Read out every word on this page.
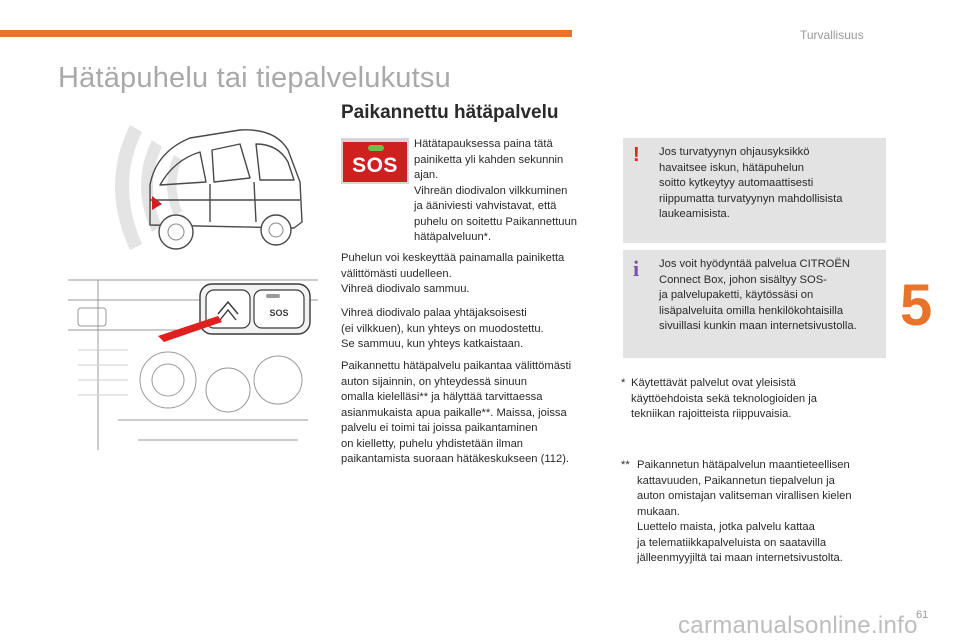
Turvallisuus
Hätäpuhelu tai tiepalvelukutsu
SOS
Paikannettu hätäpalvelu
SOS
Hätätapauksessa paina tätä
painiketta yli kahden sekunnin
ajan.
Vihreän diodivalon vilkkuminen
ja ääniviesti vahvistavat, että
puhelu on soitettu Paikannettuun
hätäpalveluun*.
Puhelun voi keskeyttää painamalla painiketta
välittömästi uudelleen.
Vihreä diodivalo sammuu.
Vihreä diodivalo palaa yhtäjaksoisesti
(ei vilkkuen), kun yhteys on muodostettu.
Se sammuu, kun yhteys katkaistaan.
Paikannettu hätäpalvelu paikantaa välittömästi
auton sijainnin, on yhteydessä sinuun
omalla kielelläsi** ja hälyttää tarvittaessa
asianmukaista apua paikalle**. Maissa, joissa
palvelu ei toimi tai joissa paikantaminen
on kielletty, puhelu yhdistetään ilman
paikantamista suoraan hätäkeskukseen (112).
! Jos turvatyynyn ohjausyksikkö
havaitsee iskun, hätäpuhelun
soitto kytkeytyy automaattisesti
riippumatta turvatyynyn mahdollisista
laukeamisista.
i Jos voit hyödyntää palvelua CITROËN
Connect Box, johon sisältyy SOS-
ja palvelupaketti, käytössäsi on
lisäpalveluita omilla henkilökohtaisilla
sivuillasi kunkin maan internetsivustolla. 5
* Käytettävät palvelut ovat yleisistä
käyttöehdoista sekä teknologioiden ja
tekniikan rajoitteista riippuvaisia.
** Paikannetun hätäpalvelun maantieteellisen
kattavuuden, Paikannetun tiepalvelun ja
auton omistajan valitseman virallisen kielen
mukaan.
Luettelo maista, jotka palvelu kattaa
ja telematiikkapalveluista on saatavilla
jälleenmyyjiltä tai maan internetsivustolta.
carmanualsonline.info
61
